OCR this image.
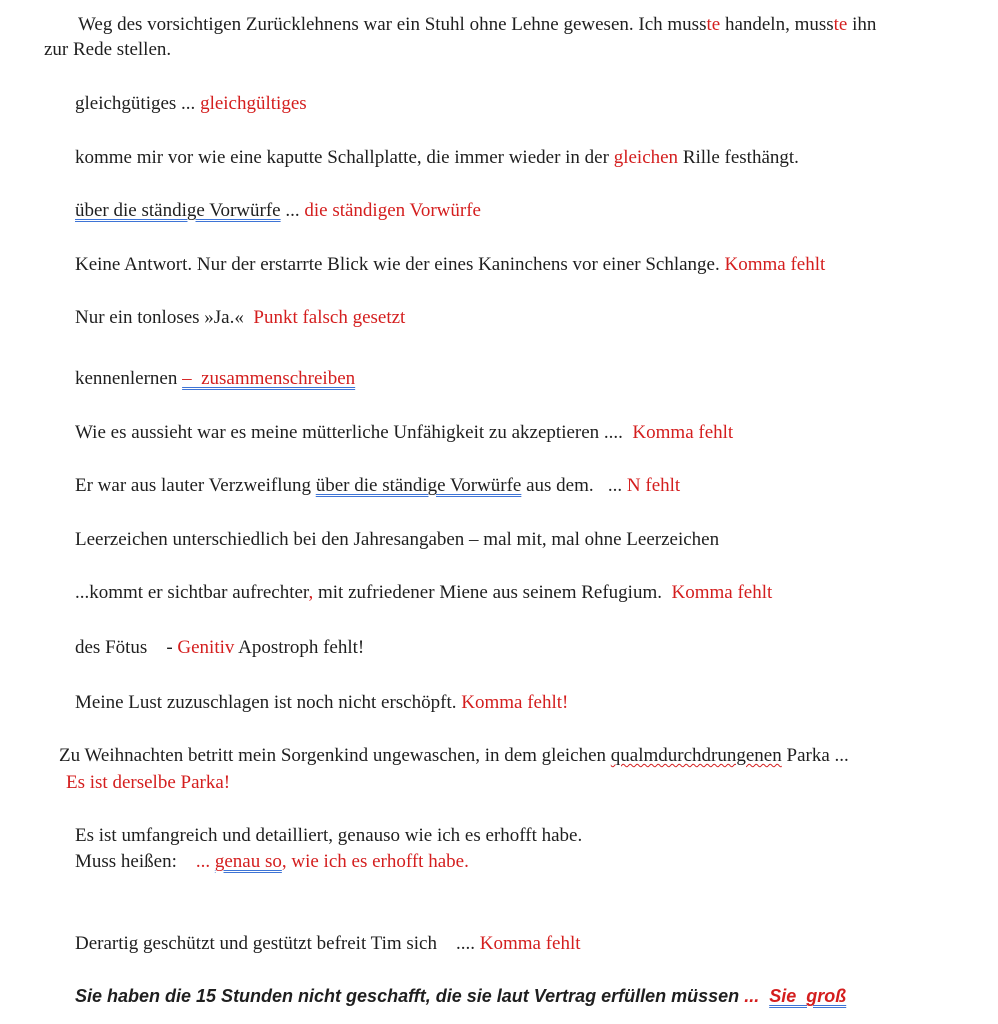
Weg des vorsichtigen Zurücklehnens war ein Stuhl ohne Lehne gewesen. Ich musste handeln, musste ihn
zur Rede stellen.
gleichgütiges ... gleichgültiges
komme mir vor wie eine kaputte Schallplatte, die immer wieder in der gleichen Rille festhängt.
über die ständige Vorwürfe ... die ständigen Vorwürfe
Keine Antwort. Nur der erstarrte Blick wie der eines Kaninchens vor einer Schlange. Komma fehlt
Nur ein tonloses »Ja.«  Punkt falsch gesetzt
kennenlernen –  zusammenschreiben
Wie es aussieht war es meine mütterliche Unfähigkeit zu akzeptieren ....  Komma fehlt
Er war aus lauter Verzweiflung über die ständige Vorwürfe aus dem.   ... N fehlt
Leerzeichen unterschiedlich bei den Jahresangaben – mal mit, mal ohne Leerzeichen
...kommt er sichtbar aufrechter, mit zufriedener Miene aus seinem Refugium.  Komma fehlt
des Fötus    - Genitiv Apostroph fehlt!
Meine Lust zuzuschlagen ist noch nicht erschöpft. Komma fehlt!
Zu Weihnachten betritt mein Sorgenkind ungewaschen, in dem gleichen qualmdurchdrungenen Parka ...
Es ist derselbe Parka!
Es ist umfangreich und detailliert, genauso wie ich es erhofft habe.
Muss heißen:    ... genau so, wie ich es erhofft habe.
Derartig geschützt und gestützt befreit Tim sich    .... Komma fehlt
Sie haben die 15 Stunden nicht geschafft, die sie laut Vertrag erfüllen müssen ...  Sie  groß
